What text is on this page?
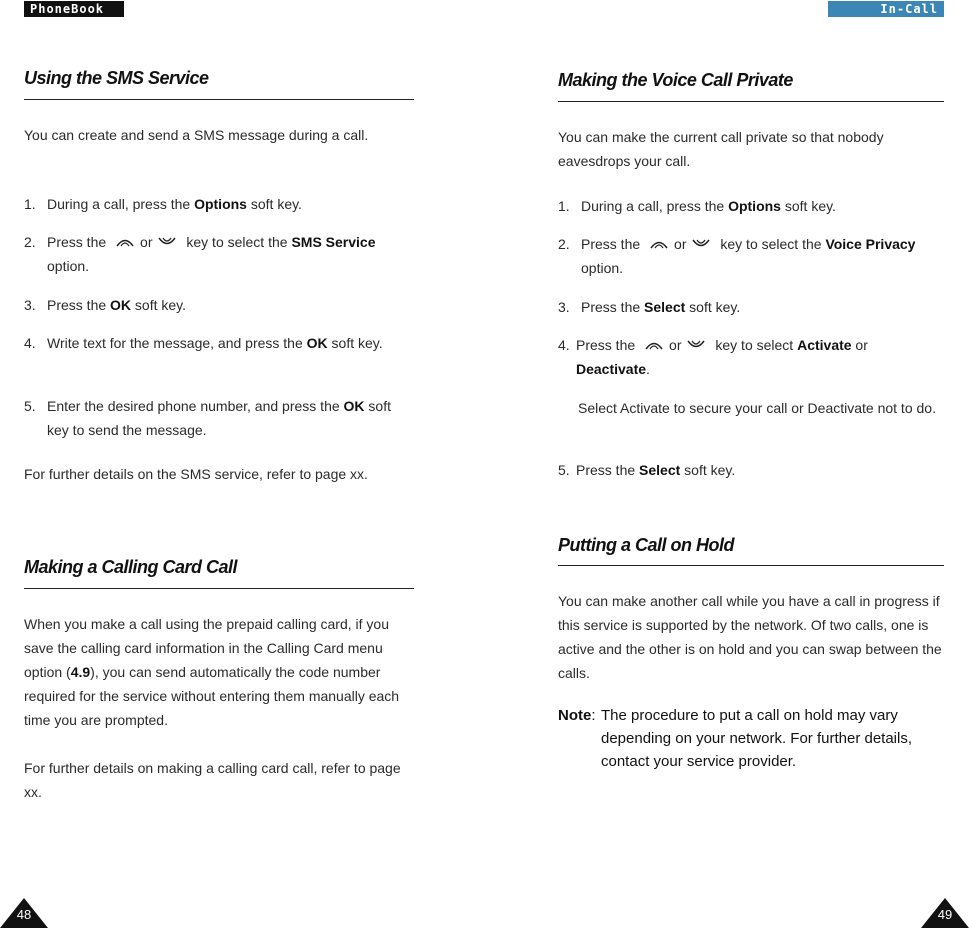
PhoneBook	In-Call Options
Using the SMS Service
You can create and send a SMS message during a call.
1. During a call, press the Options soft key.
2. Press the or key to select the SMS Service option.
3. Press the OK soft key.
4. Write text for the message, and press the OK soft key.
5. Enter the desired phone number, and press the OK soft key to send the message.
For further details on the SMS service, refer to page xx.
Making a Calling Card Call
When you make a call using the prepaid calling card, if you save the calling card information in the Calling Card menu option (4.9), you can send automatically the code number required for the service without entering them manually each time you are prompted.
For further details on making a calling card call, refer to page xx.
Making the Voice Call Private
You can make the current call private so that nobody eavesdrops your call.
1. During a call, press the Options soft key.
2. Press the or key to select the Voice Privacy option.
3. Press the Select soft key.
4. Press the or key to select Activate or Deactivate.
Select Activate to secure your call or Deactivate not to do.
5. Press the Select soft key.
Putting a Call on Hold
You can make another call while you have a call in progress if this service is supported by the network. Of two calls, one is active and the other is on hold and you can swap between the calls.
Note: The procedure to put a call on hold may vary depending on your network. For further details, contact your service provider.
48	49
